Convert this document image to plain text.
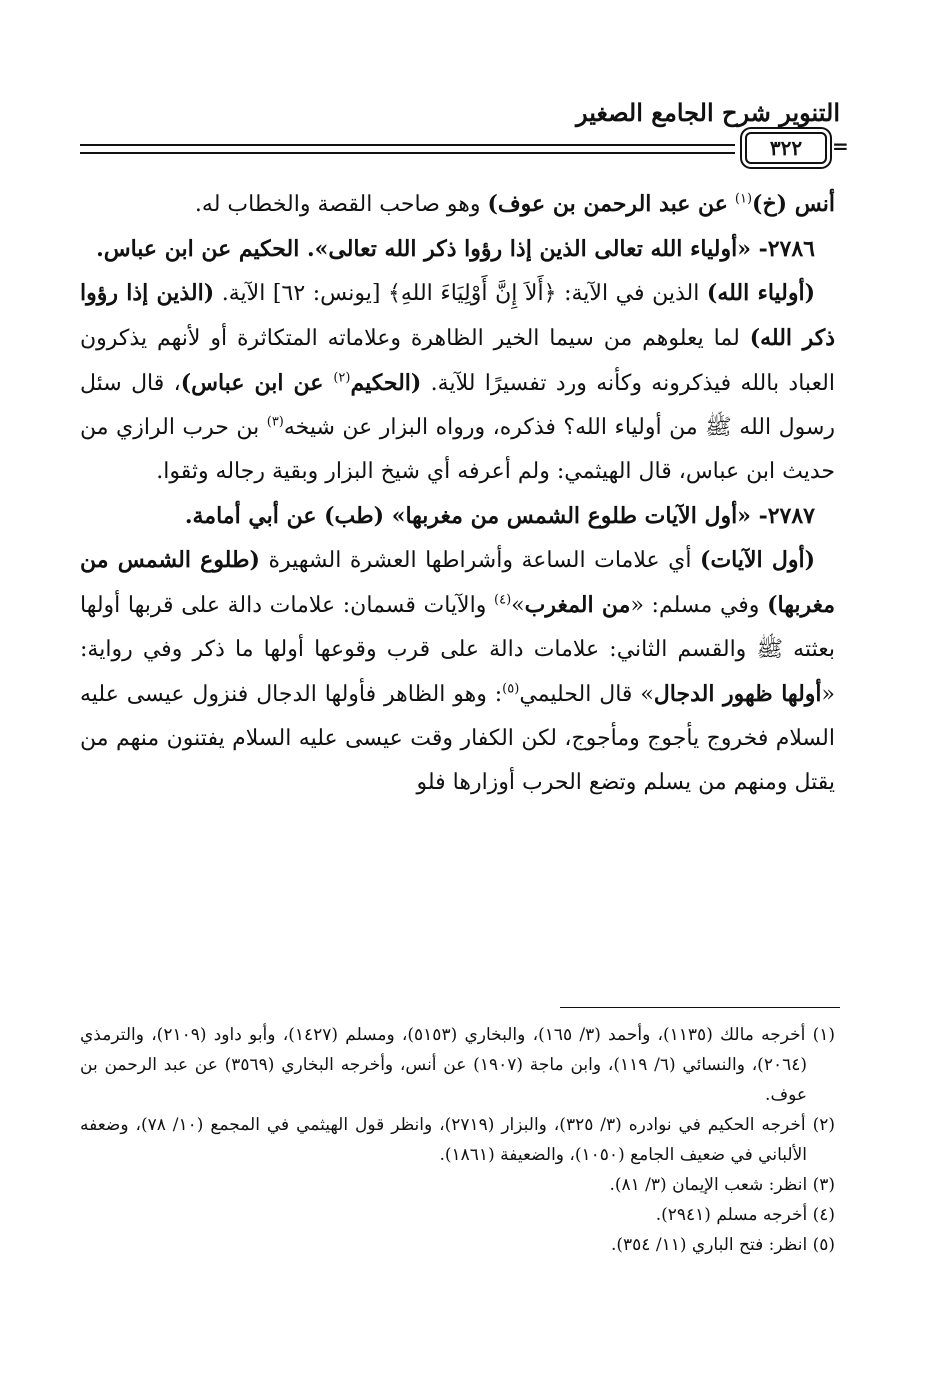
التنوير شرح الجامع الصغير
٣٢٢	=

أنس (خ)$^{(١)}$ عن عبد الرحمن بن عوف) وهو صاحب القصة والخطاب له.

٢٧٨٦- «أولياء الله تعالى الذين إذا رؤوا ذكر الله تعالى». الحكيم عن ابن عباس.

(أولياء الله) الذين في الآية: ﴿أَلاَ إِنَّ أَوْلِيَاءَ اللهِ﴾ [يونس: ٦٢] الآية. (الذين إذا رؤوا ذكر الله) لما يعلوهم من سيما الخير الظاهرة وعلاماته المتكاثرة أو لأنهم يذكرون العباد بالله فيذكرونه وكأنه ورد تفسيرًا للآية. (الحكيم$^{(٢)}$ عن ابن عباس)، قال سئل رسول الله ﷺ من أولياء الله؟ فذكره، ورواه البزار عن شيخه$^{(٣)}$ بن حرب الرازي من حديث ابن عباس، قال الهيثمي: ولم أعرفه أي شيخ البزار وبقية رجاله وثقوا.

٢٧٨٧- «أول الآيات طلوع الشمس من مغربها» (طب) عن أبي أمامة.

(أول الآيات) أي علامات الساعة وأشراطها العشرة الشهيرة (طلوع الشمس من مغربها) وفي مسلم: «من المغرب»$^{(٤)}$ والآيات قسمان: علامات دالة على قربها أولها بعثته ﷺ والقسم الثاني: علامات دالة على قرب وقوعها أولها ما ذكر وفي رواية: «أولها ظهور الدجال» قال الحليمي$^{(٥)}$: وهو الظاهر فأولها الدجال فنزول عيسى عليه السلام فخروج يأجوج ومأجوج، لكن الكفار وقت عيسى عليه السلام يفتنون منهم من يقتل ومنهم من يسلم وتضع الحرب أوزارها فلو

(١) أخرجه مالك (١١٣٥)، وأحمد (٣/ ١٦٥)، والبخاري (٥١٥٣)، ومسلم (١٤٢٧)، وأبو داود (٢١٠٩)، والترمذي (٢٠٦٤)، والنسائي (٦/ ١١٩)، وابن ماجة (١٩٠٧) عن أنس، وأخرجه البخاري (٣٥٦٩) عن عبد الرحمن بن عوف.

(٢) أخرجه الحكيم في نوادره (٣/ ٣٢٥)، والبزار (٢٧١٩)، وانظر قول الهيثمي في المجمع (١٠/ ٧٨)، وضعفه الألباني في ضعيف الجامع (١٠٥٠)، والضعيفة (١٨٦١).

(٣) انظر: شعب الإيمان (٣/ ٨١).

(٤) أخرجه مسلم (٢٩٤١).

(٥) انظر: فتح الباري (١١/ ٣٥٤).
